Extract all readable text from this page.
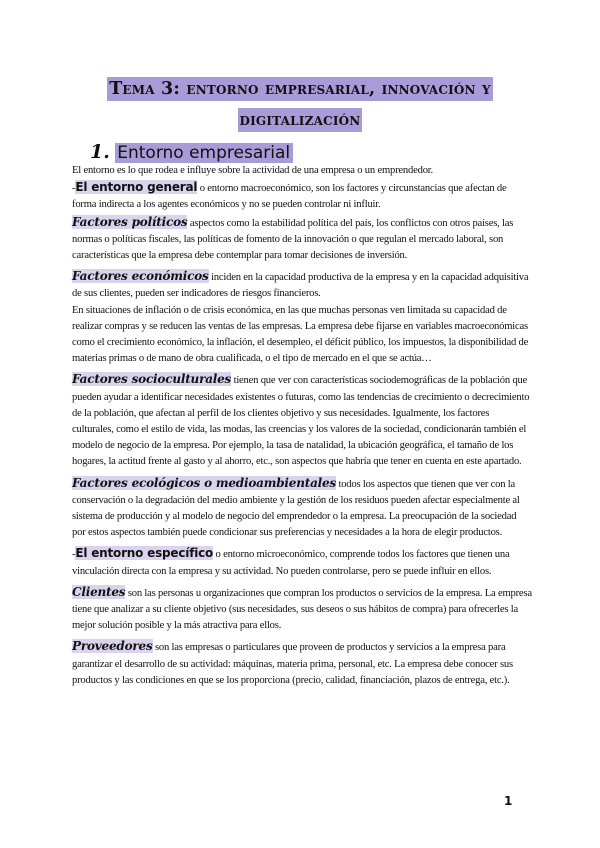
Tema 3: entorno empresarial, innovación y
digitalización
1. Entorno empresarial

El entorno es lo que rodea e influye sobre la actividad de una empresa o un emprendedor.

-El entorno general o entorno macroeconómico, son los factores y circunstancias que afectan de forma indirecta a los agentes económicos y no se pueden controlar ni influir.

Factores políticos aspectos como la estabilidad política del país, los conflictos con otros países, las normas o políticas fiscales, las políticas de fomento de la innovación o que regulan el mercado laboral, son características que la empresa debe contemplar para tomar decisiones de inversión.

Factores económicos inciden en la capacidad productiva de la empresa y en la capacidad adquisitiva de sus clientes, pueden ser indicadores de riesgos financieros.
En situaciones de inflación o de crisis económica, en las que muchas personas ven limitada su capacidad de realizar compras y se reducen las ventas de las empresas. La empresa debe fijarse en variables macroeconómicas como el crecimiento económico, la inflación, el desempleo, el déficit público, los impuestos, la disponibilidad de materias primas o de mano de obra cualificada, o el tipo de mercado en el que se actúa…

Factores socioculturales tienen que ver con características sociodemográficas de la población que pueden ayudar a identificar necesidades existentes o futuras, como las tendencias de crecimiento o decrecimiento de la población, que afectan al perfil de los clientes objetivo y sus necesidades. Igualmente, los factores culturales, como el estilo de vida, las modas, las creencias y los valores de la sociedad, condicionarán también el modelo de negocio de la empresa. Por ejemplo, la tasa de natalidad, la ubicación geográfica, el tamaño de los hogares, la actitud frente al gasto y al ahorro, etc., son aspectos que habría que tener en cuenta en este apartado.

Factores ecológicos o medioambientales todos los aspectos que tienen que ver con la conservación o la degradación del medio ambiente y la gestión de los residuos pueden afectar especialmente al sistema de producción y al modelo de negocio del emprendedor o la empresa. La preocupación de la sociedad por estos aspectos también puede condicionar sus preferencias y necesidades a la hora de elegir productos.

-El entorno específico o entorno microeconómico, comprende todos los factores que tienen una vinculación directa con la empresa y su actividad. No pueden controlarse, pero se puede influir en ellos.

Clientes son las personas u organizaciones que compran los productos o servicios de la empresa. La empresa tiene que analizar a su cliente objetivo (sus necesidades, sus deseos o sus hábitos de compra) para ofrecerles la mejor solución posible y la más atractiva para ellos.

Proveedores son las empresas o particulares que proveen de productos y servicios a la empresa para garantizar el desarrollo de su actividad: máquinas, materia prima, personal, etc. La empresa debe conocer sus productos y las condiciones en que se los proporciona (precio, calidad, financiación, plazos de entrega, etc.).

1
